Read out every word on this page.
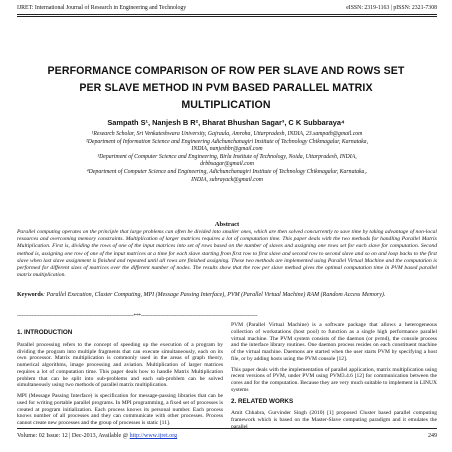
IJRET: International Journal of Research in Engineering and Technology	eISSN: 2319-1163 | pISSN: 2321-7308
PERFORMANCE COMPARISON OF ROW PER SLAVE AND ROWS SET
PER SLAVE METHOD IN PVM BASED PARALLEL MATRIX
MULTIPLICATION
Sampath S¹, Nanjesh B R², Bharat Bhushan Sagar³, C K Subbaraya⁴
¹Research Scholar, Sri Venkateshwara University, Gajraula, Amroha, Uttarpradesh, INDIA, 23.sampath@gmail.com
²Department of Information Science and Engineering Adichunchanagiri Institute of Technology Chikmagalur, Karnataka,
INDIA, nanjeshbr@gmail.com
³Department of Computer Science and Engineering, Birla Institute of Technology, Noida, Uttarpradesh, INDIA,
drbbsagar@gmail.com
⁴Department of Computer Science and Engineering, Adichunchanagiri Institute of Technology Chikmagalur, Karnataka,.
INDIA, subrayack@gmail.com
Abstract
Parallel computing operates on the principle that large problems can often be divided into smaller ones, which are then solved concurrently to save time by taking advantage of non-local resources and overcoming memory constraints. Multiplication of larger matrices requires a lot of computation time. This paper deals with the two methods for handling Parallel Matrix Multiplication. First is, dividing the rows of one of the input matrices into set of rows based on the number of slaves and assigning one rows set for each slave for computation. Second method is, assigning one row of one of the input matrices at a time for each slave starting from first row to first slave and second row to second slave and so on and loop backs to the first slave when last slave assignment is finished and repeated until all rows are finished assigning. These two methods are implemented using Parallel Virtual Machine and the computation is performed for different sizes of matrices over the different number of nodes. The results show that the row per slave method gives the optimal computation time in PVM based parallel matrix multiplication.
Keywords: Parallel Execution, Cluster Computing, MPI (Message Passing Interface), PVM (Parallel Virtual Machine) RAM (Random Access Memory).
-------------------------------------------------------------------------***-------------------------------------------------------------------------
1. INTRODUCTION

Parallel processing refers to the concept of speeding up the execution of a program by dividing the program into multiple fragments that can execute simultaneously, each on its own processor. Matrix multiplication is commonly used in the areas of graph theory, numerical algorithms, image processing and aviation. Multiplication of larger matrices requires a lot of computation time. This paper deals how to handle Matrix Multiplication problem that can be split into sub-problems and each sub-problem can be solved simultaneously using two methods of parallel matrix multiplication.

MPI (Message Passing Interface) is specification for message-passing libraries that can be used for writing portable parallel programs. In MPI programming, a fixed set of processes is created at program initialization. Each process knows its personal number. Each process knows number of all processes and they can communicate with other processes. Process cannot create new processes and the group of processes is static [11].

PVM (Parallel Virtual Machine) is a software package that allows a heterogeneous collection of workstations (host pool) to function as a single high performance parallel virtual machine. The PVM system consists of the daemon (or pvmd), the console process and the interface library routines. One daemon process resides on each constituent machine of the virtual machine. Daemons are started when the user starts PVM by specifying a host file, or by adding hosts using the PVM console [12].

This paper deals with the implementation of parallel application, matrix multiplication using recent versions of PVM, under PVM using PVM3.4.6 [12] for communication between the cores and for the computation. Because they are very much suitable to implement in LINUX systems

2. RELATED WORKS

Amit Chhabra, Gurvinder Singh (2010) [1] proposed Cluster based parallel computing framework which is based on the Master-Slave computing paradigm and it emulates the parallel

Volume: 02 Issue: 12 | Dec-2013, Available @ http://www.ijret.org	249
